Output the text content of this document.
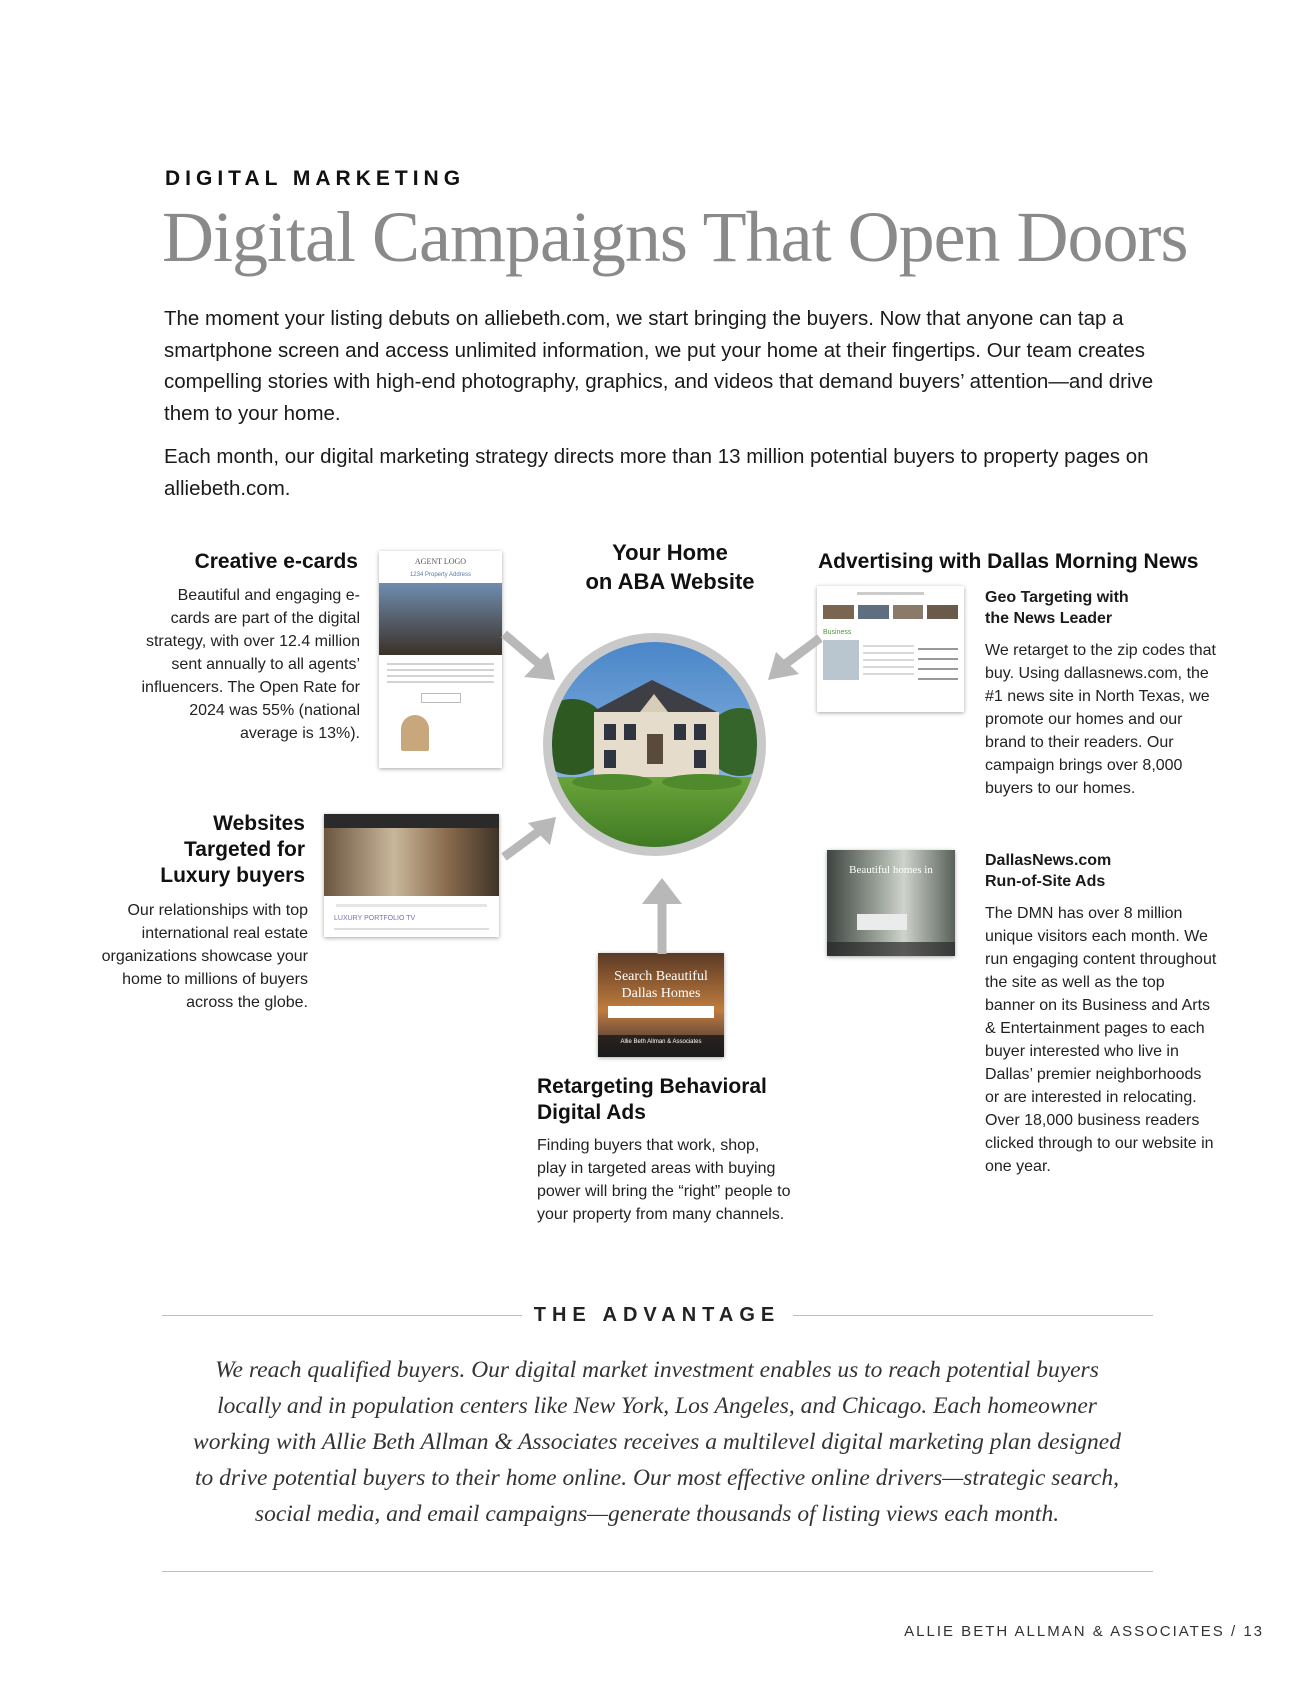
DIGITAL MARKETING
Digital Campaigns That Open Doors

The moment your listing debuts on alliebeth.com, we start bringing the buyers. Now that anyone can tap a smartphone screen and access unlimited information, we put your home at their fingertips. Our team creates compelling stories with high-end photography, graphics, and videos that demand buyers’ attention—and drive them to your home.

Each month, our digital marketing strategy directs more than 13 million potential buyers to property pages on alliebeth.com.

Your Home
on ABA Website
Creative e-cards
Beautiful and engaging e-cards are part of the digital strategy, with over 12.4 million sent annually to all agents’ influencers. The Open Rate for 2024 was 55% (national average is 13%).
AGENT LOGO
1234 Property Address
Websites
Targeted for
Luxury buyers
Our relationships with top international real estate organizations showcase your home to millions of buyers across the globe.
LUXURY PORTFOLIO TV
Advertising with Dallas Morning News
Business
Geo Targeting with
the News Leader
We retarget to the zip codes that buy. Using dallasnews.com, the #1 news site in North Texas, we promote our homes and our brand to their readers. Our campaign brings over 8,000 buyers to our homes.
Beautiful homes in
DallasNews.com
Run-of-Site Ads
The DMN has over 8 million unique visitors each month. We run engaging content throughout the site as well as the top banner on its Business and Arts & Entertainment pages to each buyer interested who live in Dallas’ premier neighborhoods or are interested in relocating. Over 18,000 business readers clicked through to our website in one year.
Search Beautiful
Dallas Homes
Allie Beth Allman & Associates
Retargeting Behavioral
Digital Ads
Finding buyers that work, shop, play in targeted areas with buying power will bring the “right” people to your property from many channels.
THE ADVANTAGE
We reach qualified buyers. Our digital market investment enables us to reach potential buyers locally and in population centers like New York, Los Angeles, and Chicago. Each homeowner working with Allie Beth Allman & Associates receives a multilevel digital marketing plan designed to drive potential buyers to their home online. Our most effective online drivers—strategic search, social media, and email campaigns—generate thousands of listing views each month.
ALLIE BETH ALLMAN & ASSOCIATES / 13
